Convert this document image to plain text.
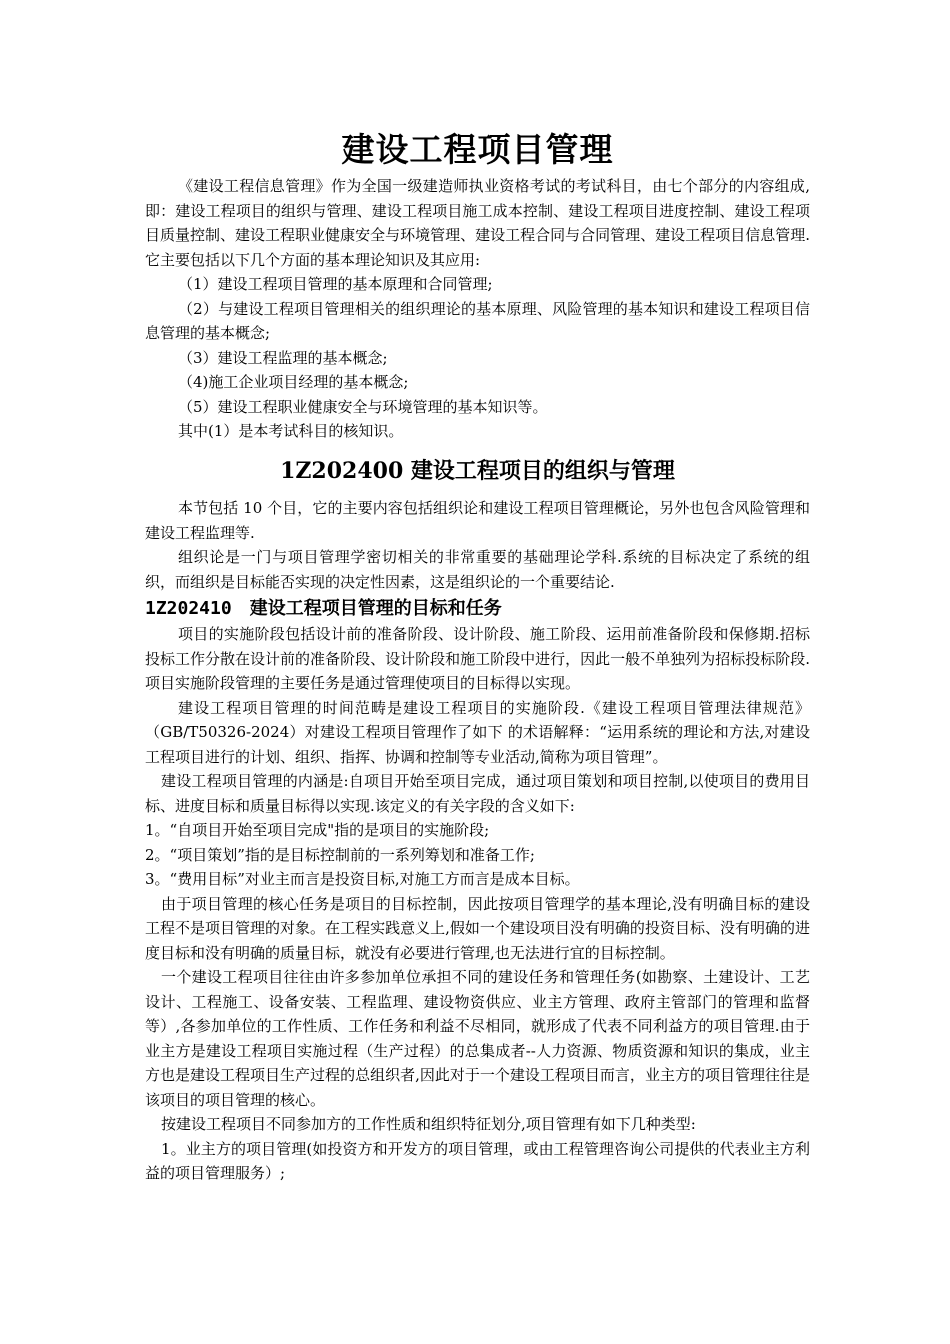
建设工程项目管理

《建设工程信息管理》作为全国一级建造师执业资格考试的考试科目，由七个部分的内容组成,即：建设工程项目的组织与管理、建设工程项目施工成本控制、建设工程项目进度控制、建设工程项目质量控制、建设工程职业健康安全与环境管理、建设工程合同与合同管理、建设工程项目信息管理.它主要包括以下几个方面的基本理论知识及其应用:

（1）建设工程项目管理的基本原理和合同管理;

（2）与建设工程项目管理相关的组织理论的基本原理、风险管理的基本知识和建设工程项目信息管理的基本概念;

（3）建设工程监理的基本概念;

（4)施工企业项目经理的基本概念;

（5）建设工程职业健康安全与环境管理的基本知识等。

其中(1）是本考试科目的核知识。

1Z202400 建设工程项目的组织与管理

本节包括 10 个目，它的主要内容包括组织论和建设工程项目管理概论，另外也包含风险管理和建设工程监理等.

组织论是一门与项目管理学密切相关的非常重要的基础理论学科.系统的目标决定了系统的组织，而组织是目标能否实现的决定性因素，这是组织论的一个重要结论.

1Z202410　建设工程项目管理的目标和任务

项目的实施阶段包括设计前的准备阶段、设计阶段、施工阶段、运用前准备阶段和保修期.招标投标工作分散在设计前的准备阶段、设计阶段和施工阶段中进行，因此一般不单独列为招标投标阶段.项目实施阶段管理的主要任务是通过管理使项目的目标得以实现。

建设工程项目管理的时间范畴是建设工程项目的实施阶段.《建设工程项目管理法律规范》（GB/T50326-2024）对建设工程项目管理作了如下 的术语解释：“运用系统的理论和方法,对建设工程项目进行的计划、组织、指挥、协调和控制等专业活动,简称为项目管理”。

建设工程项目管理的内涵是:自项目开始至项目完成，通过项目策划和项目控制,以使项目的费用目标、进度目标和质量目标得以实现.该定义的有关字段的含义如下:

1。“自项目开始至项目完成"指的是项目的实施阶段;

2。“项目策划”指的是目标控制前的一系列筹划和准备工作;

3。“费用目标”对业主而言是投资目标,对施工方而言是成本目标。

由于项目管理的核心任务是项目的目标控制，因此按项目管理学的基本理论,没有明确目标的建设工程不是项目管理的对象。在工程实践意义上,假如一个建设项目没有明确的投资目标、没有明确的进度目标和没有明确的质量目标，就没有必要进行管理,也无法进行宜的目标控制。

一个建设工程项目往往由许多参加单位承担不同的建设任务和管理任务(如勘察、土建设计、工艺设计、工程施工、设备安装、工程监理、建设物资供应、业主方管理、政府主管部门的管理和监督等）,各参加单位的工作性质、工作任务和利益不尽相同，就形成了代表不同利益方的项目管理.由于业主方是建设工程项目实施过程（生产过程）的总集成者--人力资源、物质资源和知识的集成，业主方也是建设工程项目生产过程的总组织者,因此对于一个建设工程项目而言，业主方的项目管理往往是该项目的项目管理的核心。

按建设工程项目不同参加方的工作性质和组织特征划分,项目管理有如下几种类型:

1。业主方的项目管理(如投资方和开发方的项目管理，或由工程管理咨询公司提供的代表业主方利益的项目管理服务）;
